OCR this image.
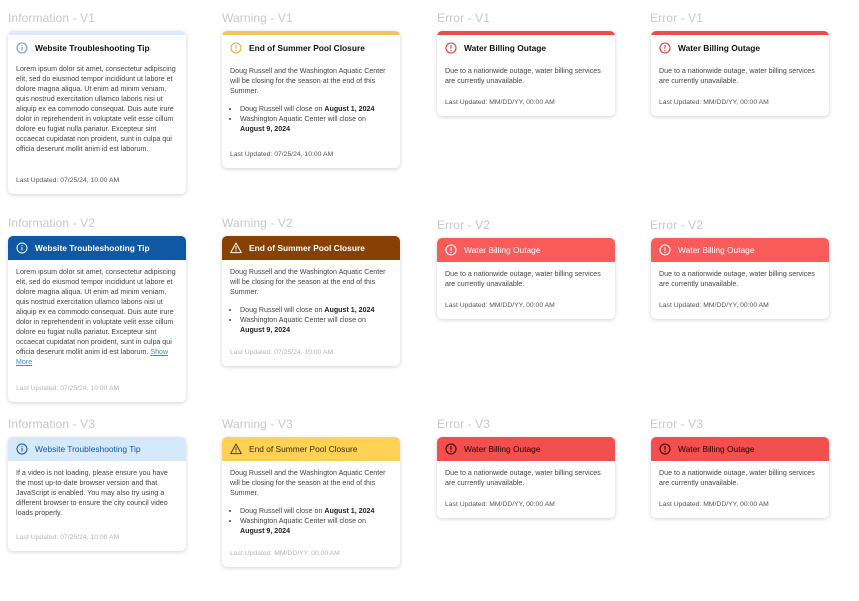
Information - V1	Warning - V1	Error - V1	Error - V1
Information - V2	Warning - V2	Error - V2	Error - V2
Information - V3	Warning - V3	Error - V3	Error - V3
Website Troubleshooting Tip

Lorem ipsum dolor sit amet, consectetur adipiscing elit, sed do eiusmod tempor incididunt ut labore et dolore magna aliqua. Ut enim ad minim veniam, quis nostrud exercitation ullamco laboris nisi ut aliquip ex ea commodo consequat. Duis aute irure dolor in reprehenderit in voluptate velit esse cillum dolore eu fugiat nulla pariatur. Excepteur sint occaecat cupidatat non proident, sunt in culpa qui officia deserunt mollit anim id est laborum.

Last Updated: 07/25/24, 10:00 AM
End of Summer Pool Closure

Doug Russell and the Washington Aquatic Center will be closing for the season at the end of this Summer.

• Doug Russell will close on August 1, 2024
• Washington Aquatic Center will close on August 9, 2024
Last Updated: 07/25/24, 10:00 AM
Water Billing Outage

Due to a nationwide outage, water billing services are currently unavailable.

Last Updated: MM/DD/YY, 00:00 AM
Water Billing Outage

Due to a nationwide outage, water billing services are currently unavailable.

Last Updated: MM/DD/YY, 00:00 AM
Website Troubleshooting Tip

Lorem ipsum dolor sit amet, consectetur adipiscing elit, sed do eiusmod tempor incididunt ut labore et dolore magna aliqua. Ut enim ad minim veniam, quis nostrud exercitation ullamco laboris nisi ut aliquip ex ea commodo consequat. Duis aute irure dolor in reprehenderit in voluptate velit esse cillum dolore eu fugiat nulla pariatur. Excepteur sint occaecat cupidatat non proident, sunt in culpa qui officia deserunt mollit anim id est laborum. Show More

Last Updated: 07/25/24, 10:00 AM
End of Summer Pool Closure

Doug Russell and the Washington Aquatic Center will be closing for the season at the end of this Summer.

• Doug Russell will close on August 1, 2024
• Washington Aquatic Center will close on August 9, 2024
Last Updated: 07/25/24, 10:00 AM
Water Billing Outage

Due to a nationwide outage, water billing services are currently unavailable.

Last Updated: MM/DD/YY, 00:00 AM
Water Billing Outage

Due to a nationwide outage, water billing services are currently unavailable.

Last Updated: MM/DD/YY, 00:00 AM
Website Troubleshooting Tip

If a video is not loading, please ensure you have the most up-to-date browser version and that JavaScript is enabled. You may also try using a different browser to ensure the city council video loads properly.

Last Updated: 07/25/24, 10:00 AM
End of Summer Pool Closure

Doug Russell and the Washington Aquatic Center will be closing for the season at the end of this Summer.

• Doug Russell will close on August 1, 2024
• Washington Aquatic Center will close on August 9, 2024
Last Updated: MM/DD/YY, 00:00 AM
Water Billing Outage

Due to a nationwide outage, water billing services are currently unavailable.

Last Updated: MM/DD/YY, 00:00 AM
Water Billing Outage

Due to a nationwide outage, water billing services are currently unavailable.

Last Updated: MM/DD/YY, 00:00 AM
